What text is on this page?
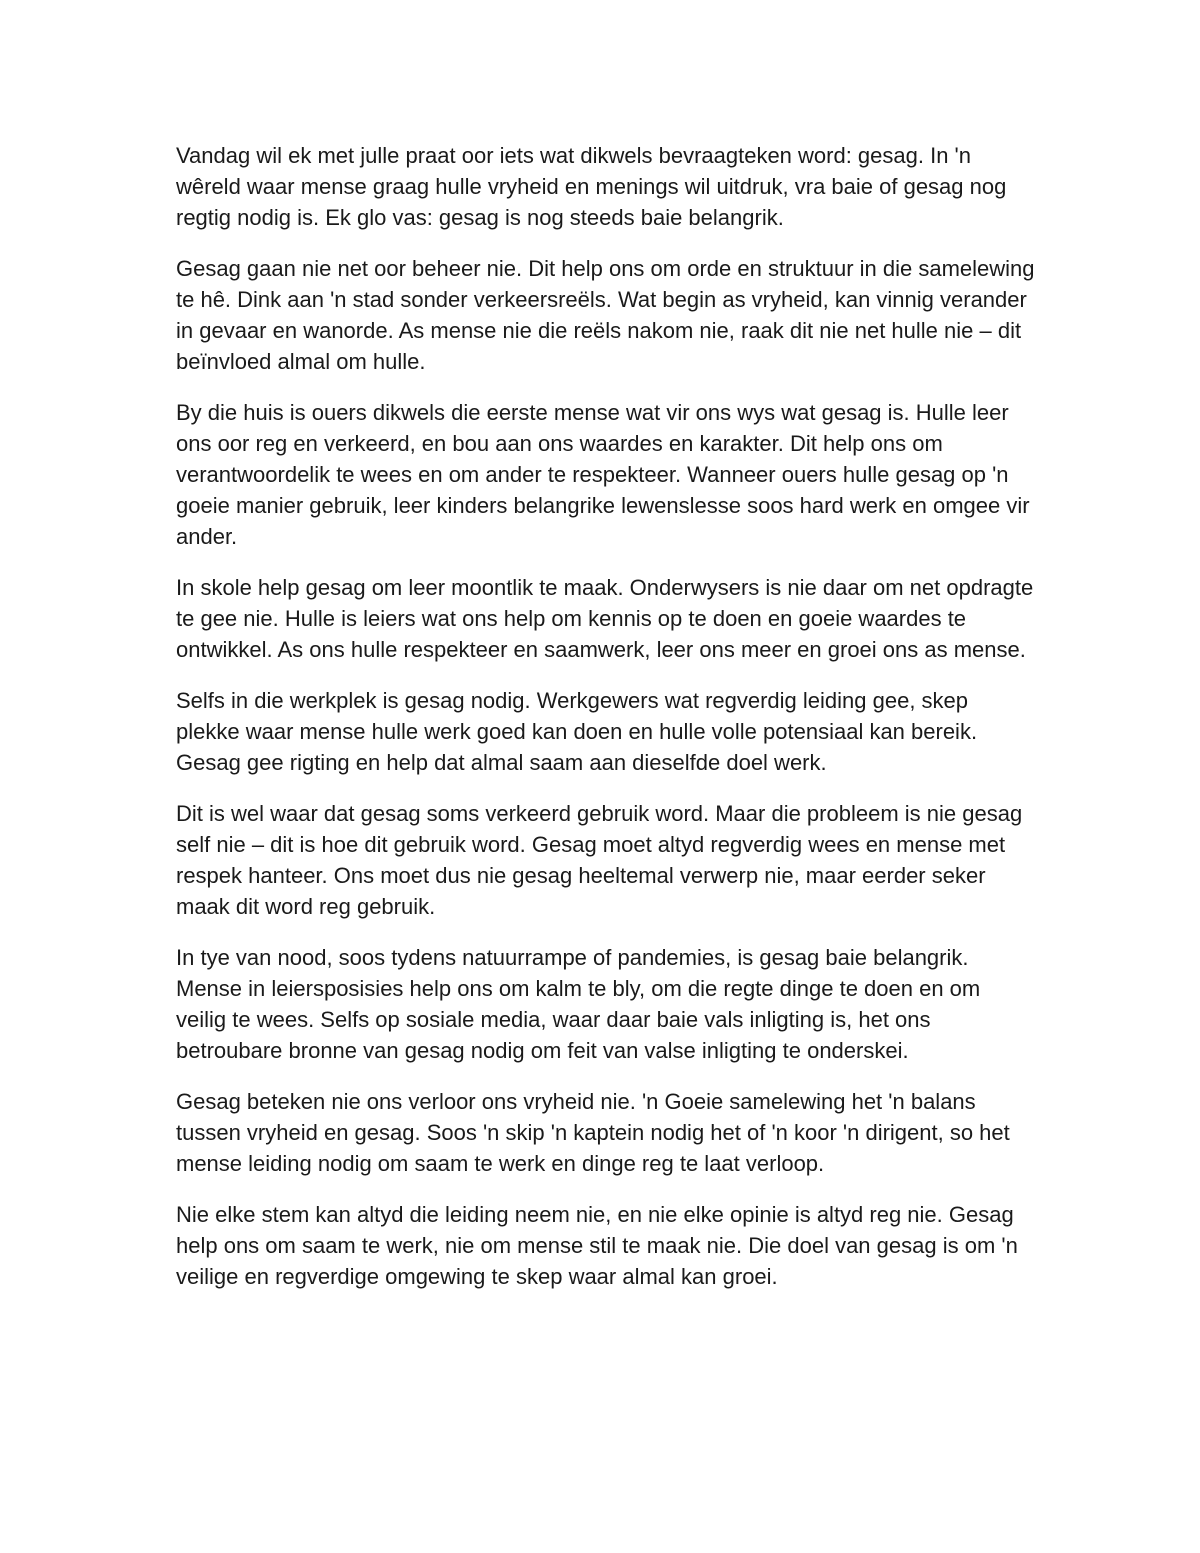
Vandag wil ek met julle praat oor iets wat dikwels bevraagteken word: gesag. In 'n wêreld waar mense graag hulle vryheid en menings wil uitdruk, vra baie of gesag nog regtig nodig is. Ek glo vas: gesag is nog steeds baie belangrik.

Gesag gaan nie net oor beheer nie. Dit help ons om orde en struktuur in die samelewing te hê. Dink aan 'n stad sonder verkeersreëls. Wat begin as vryheid, kan vinnig verander in gevaar en wanorde. As mense nie die reëls nakom nie, raak dit nie net hulle nie – dit beïnvloed almal om hulle.

By die huis is ouers dikwels die eerste mense wat vir ons wys wat gesag is. Hulle leer ons oor reg en verkeerd, en bou aan ons waardes en karakter. Dit help ons om verantwoordelik te wees en om ander te respekteer. Wanneer ouers hulle gesag op 'n goeie manier gebruik, leer kinders belangrike lewenslesse soos hard werk en omgee vir ander.

In skole help gesag om leer moontlik te maak. Onderwysers is nie daar om net opdragte te gee nie. Hulle is leiers wat ons help om kennis op te doen en goeie waardes te ontwikkel. As ons hulle respekteer en saamwerk, leer ons meer en groei ons as mense.

Selfs in die werkplek is gesag nodig. Werkgewers wat regverdig leiding gee, skep plekke waar mense hulle werk goed kan doen en hulle volle potensiaal kan bereik. Gesag gee rigting en help dat almal saam aan dieselfde doel werk.

Dit is wel waar dat gesag soms verkeerd gebruik word. Maar die probleem is nie gesag self nie – dit is hoe dit gebruik word. Gesag moet altyd regverdig wees en mense met respek hanteer. Ons moet dus nie gesag heeltemal verwerp nie, maar eerder seker maak dit word reg gebruik.

In tye van nood, soos tydens natuurrampe of pandemies, is gesag baie belangrik. Mense in leiersposisies help ons om kalm te bly, om die regte dinge te doen en om veilig te wees. Selfs op sosiale media, waar daar baie vals inligting is, het ons betroubare bronne van gesag nodig om feit van valse inligting te onderskei.

Gesag beteken nie ons verloor ons vryheid nie. 'n Goeie samelewing het 'n balans tussen vryheid en gesag. Soos 'n skip 'n kaptein nodig het of 'n koor 'n dirigent, so het mense leiding nodig om saam te werk en dinge reg te laat verloop.

Nie elke stem kan altyd die leiding neem nie, en nie elke opinie is altyd reg nie. Gesag help ons om saam te werk, nie om mense stil te maak nie. Die doel van gesag is om 'n veilige en regverdige omgewing te skep waar almal kan groei.
